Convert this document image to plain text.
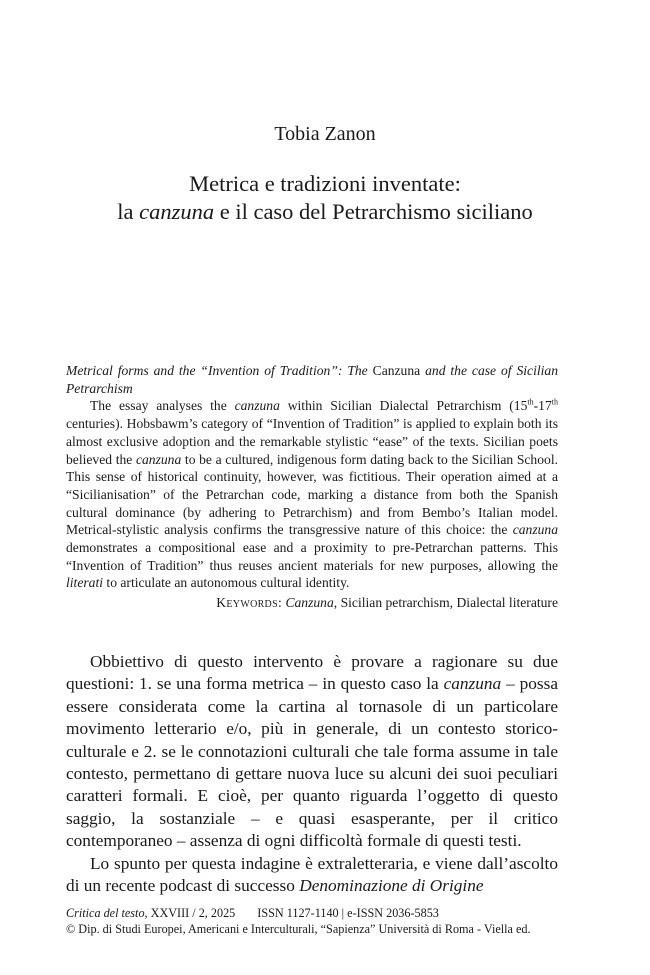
Tobia Zanon
Metrica e tradizioni inventate:
la canzuna e il caso del Petrarchismo siciliano
Metrical forms and the “Invention of Tradition”: The Canzuna and the case of Sicilian Petrarchism
The essay analyses the canzuna within Sicilian Dialectal Petrarchism (15th-17th centuries). Hobsbawm’s category of “Invention of Tradition” is applied to explain both its almost exclusive adoption and the remarkable stylistic “ease” of the texts. Sicilian poets believed the canzuna to be a cultured, indigenous form dating back to the Sicilian School. This sense of historical continuity, however, was fictitious. Their operation aimed at a “Sicilianisation” of the Petrarchan code, marking a distance from both the Spanish cultural dominance (by adhering to Petrarchism) and from Bembo’s Italian model. Metrical-stylistic analysis confirms the transgressive nature of this choice: the canzuna demonstrates a compositional ease and a proximity to pre-Petrarchan patterns. This “Invention of Tradition” thus reuses ancient materials for new purposes, allowing the literati to articulate an autonomous cultural identity.
Keywords: Canzuna, Sicilian petrarchism, Dialectal literature

Obbiettivo di questo intervento è provare a ragionare su due questioni: 1. se una forma metrica – in questo caso la canzuna – possa essere considerata come la cartina al tornasole di un particolare movimento letterario e/o, più in generale, di un contesto storico-culturale e 2. se le connotazioni culturali che tale forma assume in tale contesto, permettano di gettare nuova luce su alcuni dei suoi peculiari caratteri formali. E cioè, per quanto riguarda l’oggetto di questo saggio, la sostanziale – e quasi esasperante, per il critico contemporaneo – assenza di ogni difficoltà formale di questi testi.

Lo spunto per questa indagine è extraletteraria, e viene dall’ascolto di un recente podcast di successo Denominazione di Origine

Critica del testo, XXVIII / 2, 2025 ISSN 1127-1140 | e-ISSN 2036-5853
© Dip. di Studi Europei, Americani e Interculturali, “Sapienza” Università di Roma - Viella ed.
